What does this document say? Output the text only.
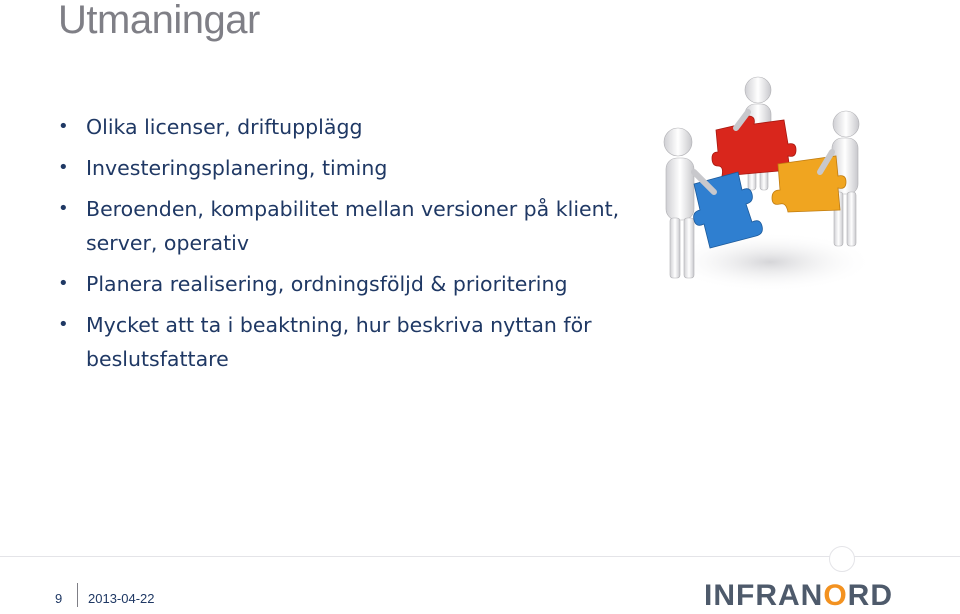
Utmaningar
• Olika licenser, driftupplägg
• Investeringsplanering, timing
• Beroenden, kompabilitet mellan versioner på klient,
server, operativ
• Planera realisering, ordningsföljd & prioritering
• Mycket att ta i beaktning, hur beskriva nyttan för
beslutsfattare
9 2013-04-22	INFRANORD
